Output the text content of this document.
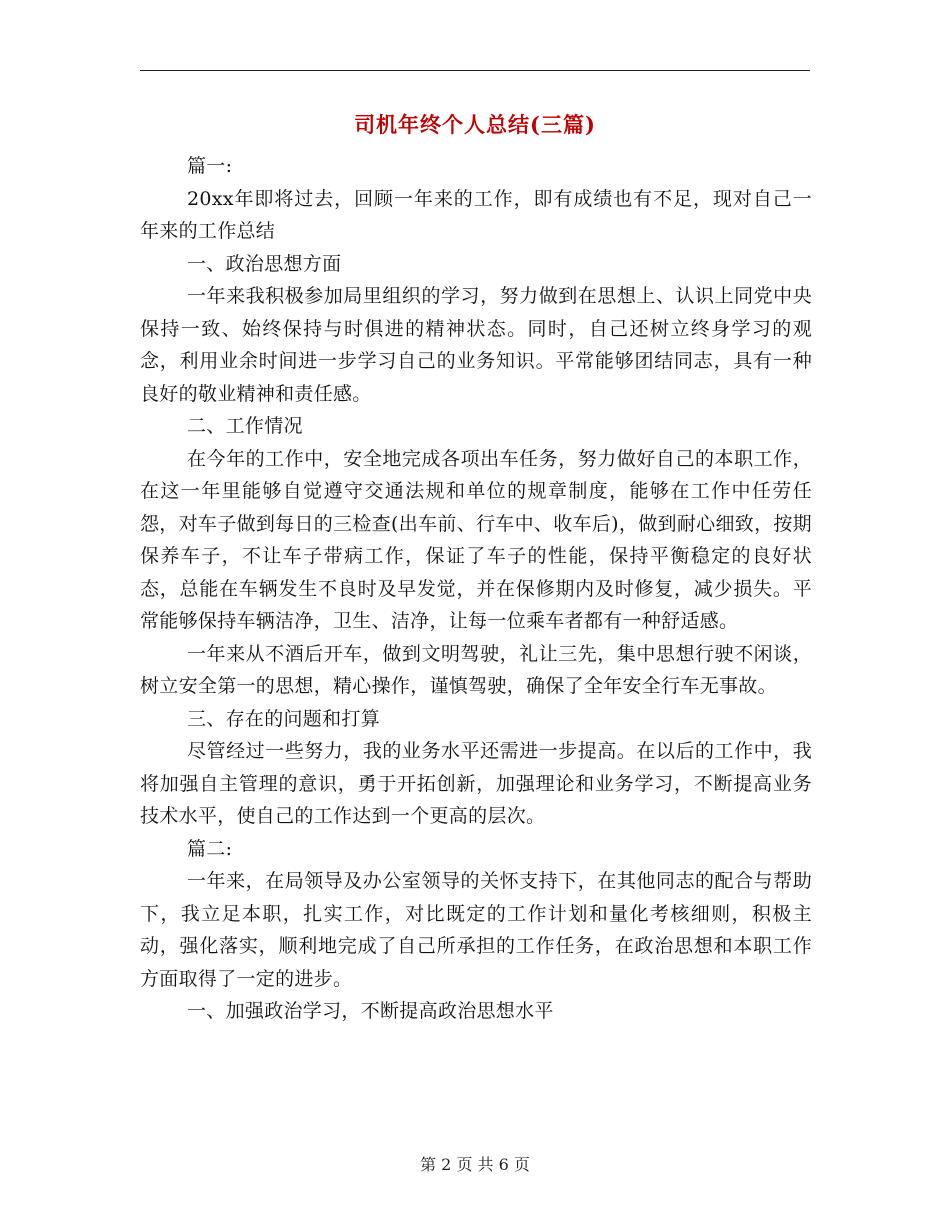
司机年终个人总结(三篇)

篇一:

20xx年即将过去，回顾一年来的工作，即有成绩也有不足，现对自己一年来的工作总结

一、政治思想方面

一年来我积极参加局里组织的学习，努力做到在思想上、认识上同党中央保持一致、始终保持与时俱进的精神状态。同时，自己还树立终身学习的观念，利用业余时间进一步学习自己的业务知识。平常能够团结同志，具有一种良好的敬业精神和责任感。

二、工作情况

在今年的工作中，安全地完成各项出车任务，努力做好自己的本职工作，在这一年里能够自觉遵守交通法规和单位的规章制度，能够在工作中任劳任怨，对车子做到每日的三检查(出车前、行车中、收车后)，做到耐心细致，按期保养车子，不让车子带病工作，保证了车子的性能，保持平衡稳定的良好状态，总能在车辆发生不良时及早发觉，并在保修期内及时修复，减少损失。平常能够保持车辆洁净，卫生、洁净，让每一位乘车者都有一种舒适感。

一年来从不酒后开车，做到文明驾驶，礼让三先，集中思想行驶不闲谈，树立安全第一的思想，精心操作，谨慎驾驶，确保了全年安全行车无事故。

三、存在的问题和打算

尽管经过一些努力，我的业务水平还需进一步提高。在以后的工作中，我将加强自主管理的意识，勇于开拓创新，加强理论和业务学习，不断提高业务技术水平，使自己的工作达到一个更高的层次。

篇二:

一年来，在局领导及办公室领导的关怀支持下，在其他同志的配合与帮助下，我立足本职，扎实工作，对比既定的工作计划和量化考核细则，积极主动，强化落实，顺利地完成了自己所承担的工作任务，在政治思想和本职工作方面取得了一定的进步。

一、加强政治学习，不断提高政治思想水平

第 2 页 共 6 页
